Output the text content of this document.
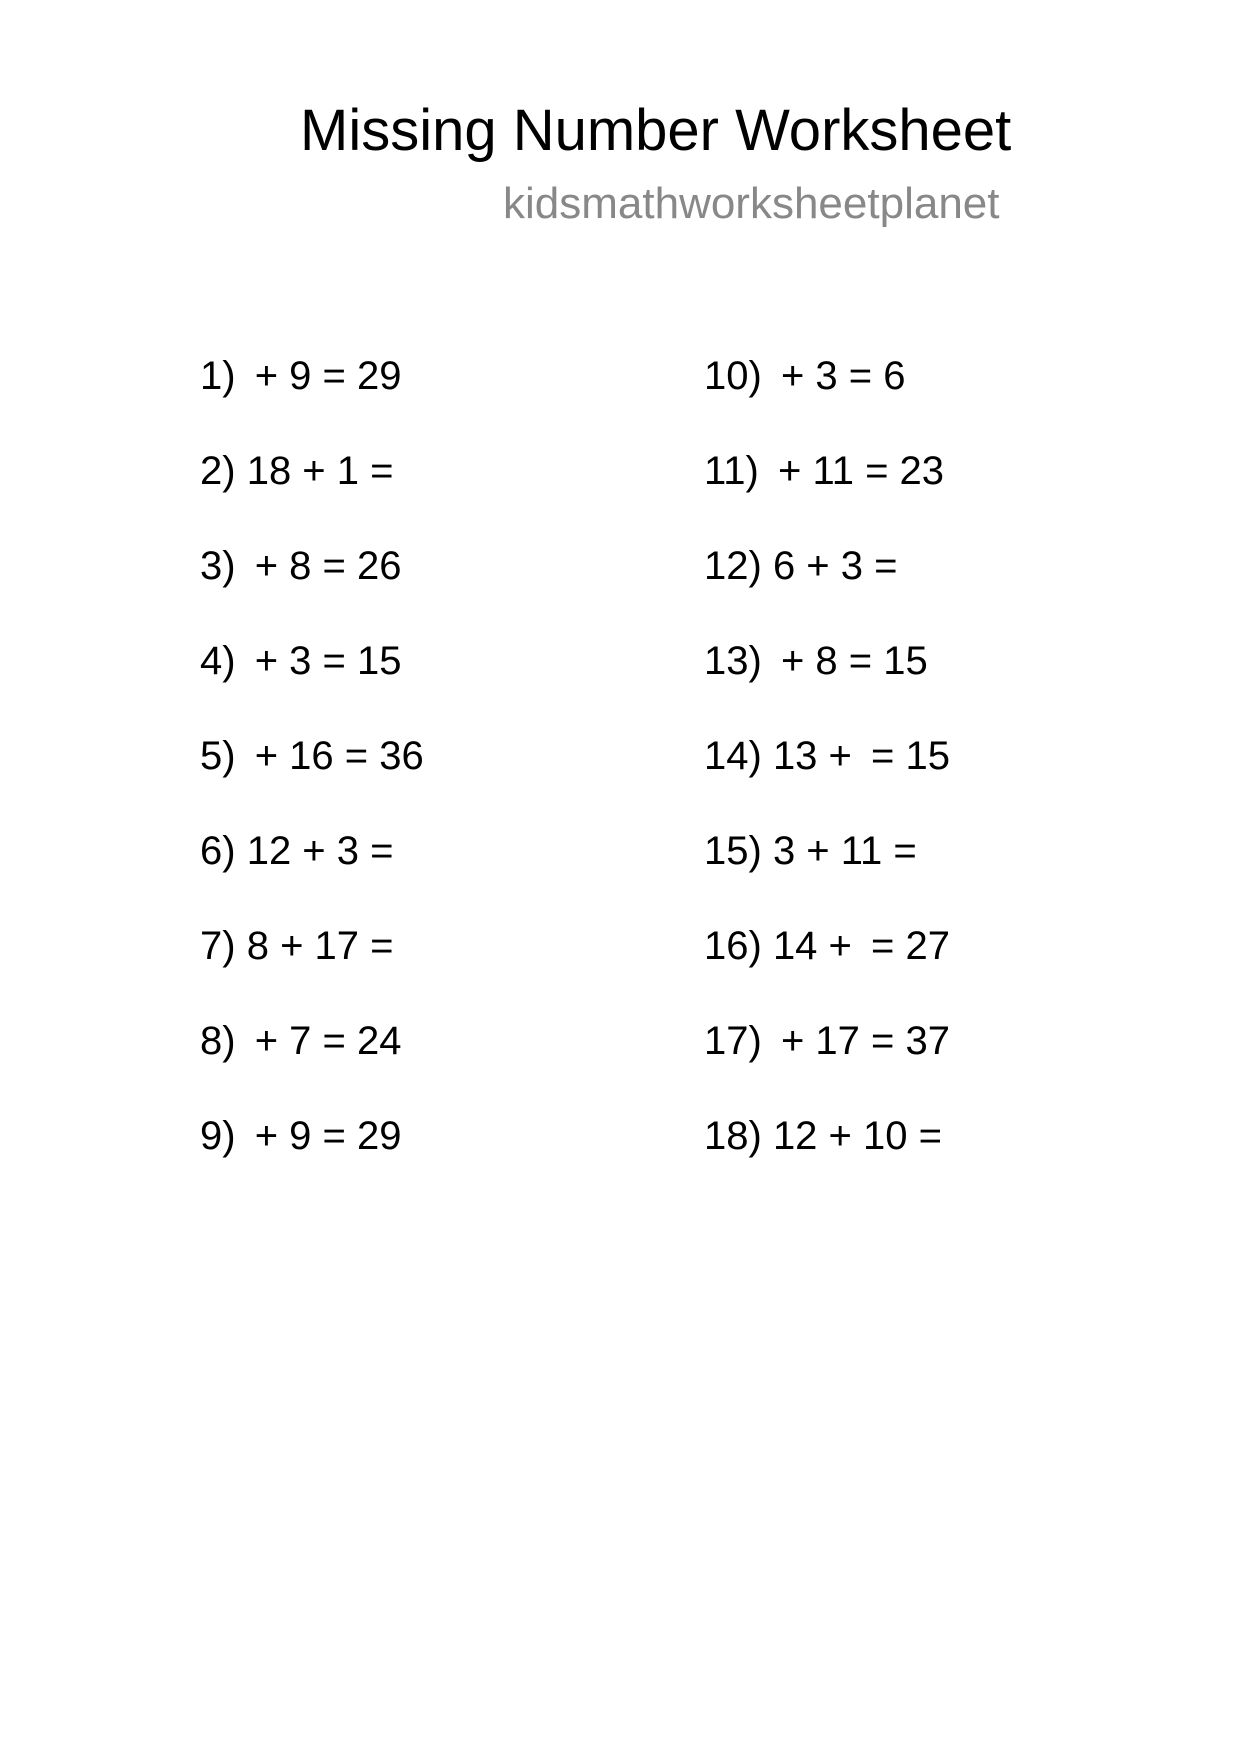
Missing Number Worksheet
kidsmathworksheetplanet
1) + 9 = 29
2) 18 + 1 =
3) + 8 = 26
4) + 3 = 15
5) + 16 = 36
6) 12 + 3 =
7) 8 + 17 =
8) + 7 = 24
9) + 9 = 29
10) + 3 = 6
11) + 11 = 23
12) 6 + 3 =
13) + 8 = 15
14) 13 + = 15
15) 3 + 11 =
16) 14 + = 27
17) + 17 = 37
18) 12 + 10 =
